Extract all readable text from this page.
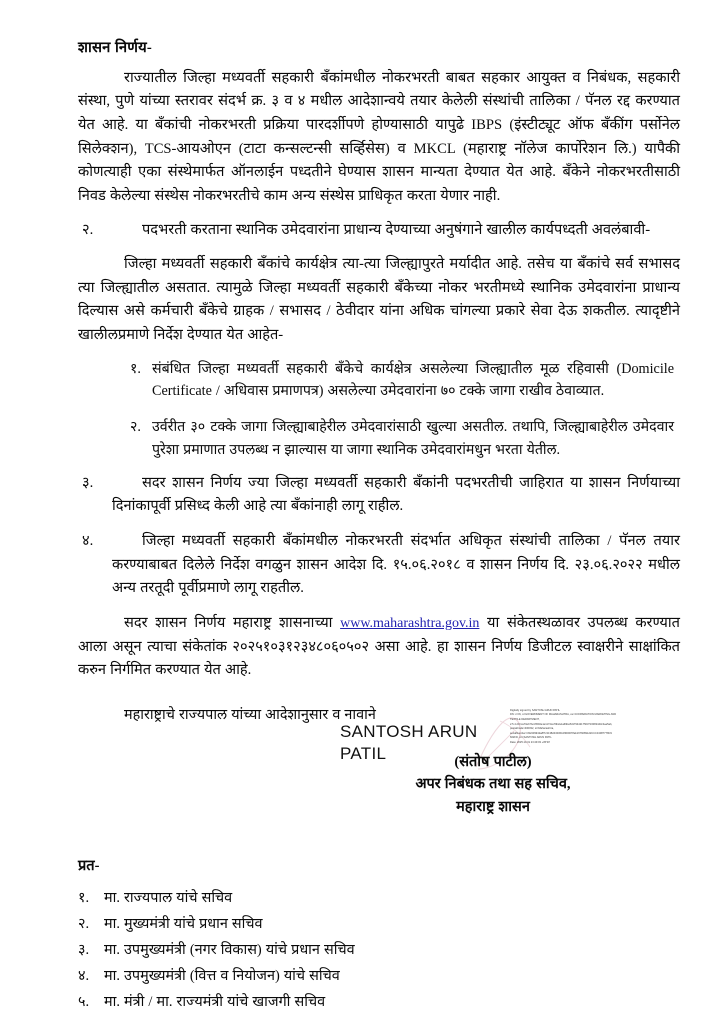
शासन निर्णय-

राज्यातील जिल्हा मध्यवर्ती सहकारी बँकांमधील नोकरभरती बाबत सहकार आयुक्त व निबंधक, सहकारी संस्था, पुणे यांच्या स्तरावर संदर्भ क्र. ३ व ४ मधील आदेशान्वये तयार केलेली संस्थांची तालिका / पॅनल रद्द करण्यात येत आहे. या बँकांची नोकरभरती प्रक्रिया पारदर्शीपणे होण्यासाठी यापुढे IBPS (इंस्टीट्यूट ऑफ बँकींग पर्सोनेल सिलेक्शन), TCS-आयओएन (टाटा कन्सल्टन्सी सर्व्हिसेस) व MKCL (महाराष्ट्र नॉलेज कार्पोरेशन लि.) यापैकी कोणत्याही एका संस्थेमार्फत ऑनलाईन पध्दतीने घेण्यास शासन मान्यता देण्यात येत आहे. बँकेने नोकरभरतीसाठी निवड केलेल्या संस्थेस नोकरभरतीचे काम अन्य संस्थेस प्राधिकृत करता येणार नाही.

२.	पदभरती करताना स्थानिक उमेदवारांना प्राधान्य देण्याच्या अनुषंगाने खालील कार्यपध्दती अवलंबावी-

जिल्हा मध्यवर्ती सहकारी बँकांचे कार्यक्षेत्र त्या-त्या जिल्ह्यापुरते मर्यादीत आहे. तसेच या बँकांचे सर्व सभासद त्या जिल्ह्यातील असतात. त्यामुळे जिल्हा मध्यवर्ती सहकारी बँकेच्या नोकर भरतीमध्ये स्थानिक उमेदवारांना प्राधान्य दिल्यास असे कर्मचारी बँकेचे ग्राहक / सभासद / ठेवीदार यांना अधिक चांगल्या प्रकारे सेवा देऊ शकतील. त्यादृष्टीने खालीलप्रमाणे निर्देश देण्यात येत आहेत-

१. संबंधित जिल्हा मध्यवर्ती सहकारी बँकेचे कार्यक्षेत्र असलेल्या जिल्ह्यातील मूळ रहिवासी (Domicile Certificate / अधिवास प्रमाणपत्र) असलेल्या उमेदवारांना ७० टक्के जागा राखीव ठेवाव्यात.
२. उर्वरीत ३० टक्के जागा जिल्ह्याबाहेरील उमेदवारांसाठी खुल्या असतील. तथापि, जिल्ह्याबाहेरील उमेदवार पुरेशा प्रमाणात उपलब्ध न झाल्यास या जागा स्थानिक उमेदवारांमधुन भरता येतील.
३.	सदर शासन निर्णय ज्या जिल्हा मध्यवर्ती सहकारी बँकांनी पदभरतीची जाहिरात या शासन निर्णयाच्या दिनांकापूर्वी प्रसिध्द केली आहे त्या बँकांनाही लागू राहील.
४.	जिल्हा मध्यवर्ती सहकारी बँकांमधील नोकरभरती संदर्भात अधिकृत संस्थांची तालिका / पॅनल तयार करण्याबाबत दिलेले निर्देश वगळुन शासन आदेश दि. १५.०६.२०१८ व शासन निर्णय दि. २३.०६.२०२२ मधील अन्य तरतूदी पूर्वीप्रमाणे लागू राहतील.

सदर शासन निर्णय महाराष्ट्र शासनाच्या www.maharashtra.gov.in या संकेतस्थळावर उपलब्ध करण्यात आला असून त्याचा संकेतांक २०२५१०३१२३४८०६०५०२ असा आहे. हा शासन निर्णय डिजीटल स्वाक्षरीने साक्षांकित करुन निर्गमित करण्यात येत आहे.

महाराष्ट्राचे राज्यपाल यांच्या आदेशानुसार व नावाने
SANTOSH ARUN
PATIL
Digitally signed by SANTOSH ARUN PATIL
DN: c=IN, o=GOVERNMENT OF MAHARASHTRA, ou=COOPERATION MARKETING AND
TEXTILE DEPARTMENT,
2.5.4.20=ca70eb7bcc6594e1e1174ca79b2a1a69beffd17944217503716082443c4ae5ab,
postalCode=400032, st=Maharashtra,
serialNumber=332439942a8f7c313824303644f3D9078ab16760891d2CCC34387778C9
662FD, cn=SANTOSH ARUN PATIL
Date: 2025.10.31 23:49:03 +05'30'
(संतोष पाटील)
अपर निबंधक तथा सह सचिव,
महाराष्ट्र शासन
प्रत-
१.	मा. राज्यपाल यांचे सचिव
२.	मा. मुख्यमंत्री यांचे प्रधान सचिव
३.	मा. उपमुख्यमंत्री (नगर विकास) यांचे प्रधान सचिव
४.	मा. उपमुख्यमंत्री (वित्त व नियोजन) यांचे सचिव
५.	मा. मंत्री / मा. राज्यमंत्री यांचे खाजगी सचिव
